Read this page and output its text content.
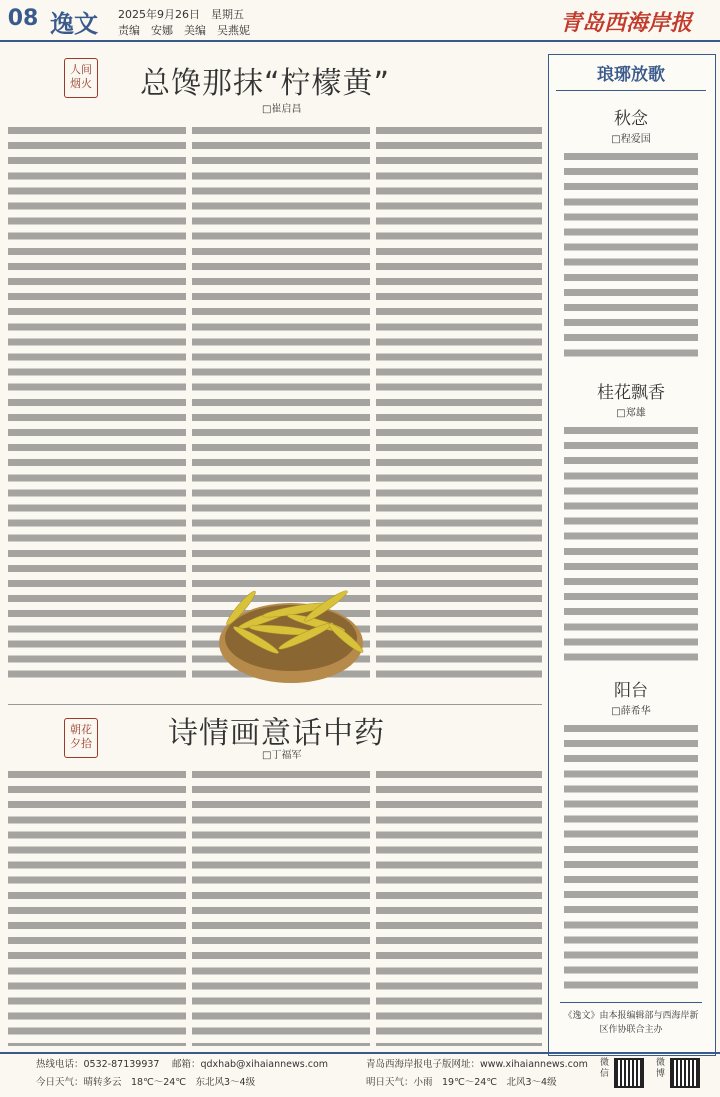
08 逸文 2025年9月26日　星期五
责编　安娜　美编　吴燕妮	青岛西海岸报
人间烟火 总馋那抹“柠檬黄”
□崔启昌
朝花夕拾	诗情画意话中药
□丁福军
琅琊放歌
秋念
□程爱国
桂花飘香
□郑雄
阳台
□薛希华
《逸文》由本报编辑部与西海岸新区作协联合主办
热线电话：0532-87139937 邮箱：qdxhab@xihaiannews.com	青岛西海岸报电子版网址：www.xihaiannews.com
今日天气：晴转多云　18℃～24℃　东北风3～4级	明日天气：小雨　19℃～24℃　北风3～4级
微信
微博
